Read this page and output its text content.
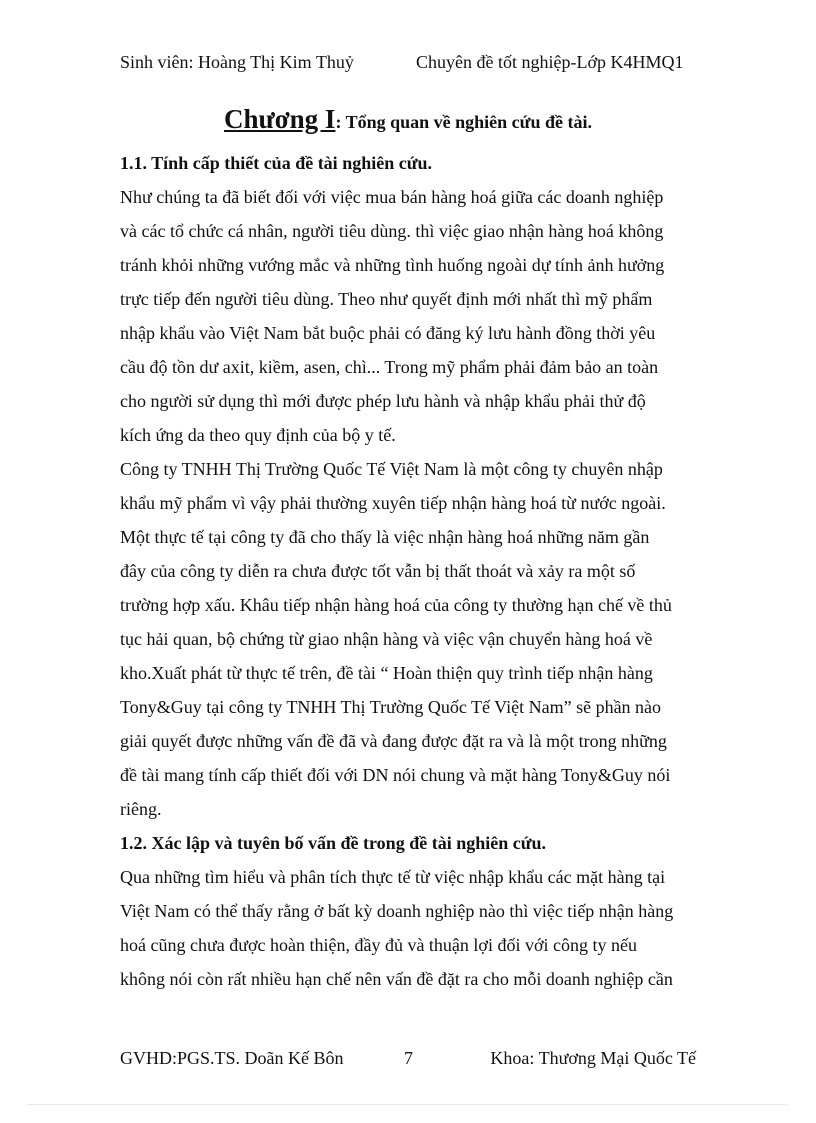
Sinh viên: Hoàng Thị Kim Thuỷ	Chuyên đề tốt nghiệp-Lớp K4HMQ1
Chương I: Tổng quan về nghiên cứu đề tài.
1.1. Tính cấp thiết của đề tài nghiên cứu.
Như chúng ta đã biết đối với việc mua bán hàng hoá giữa các doanh nghiệp
và các tổ chức cá nhân, người tiêu dùng. thì việc giao nhận hàng hoá không
tránh khỏi những vướng mắc và những tình huống ngoài dự tính ảnh hưởng
trực tiếp đến người tiêu dùng. Theo như quyết định mới nhất thì mỹ phẩm
nhập khẩu vào Việt Nam bắt buộc phải có đăng ký lưu hành đồng thời yêu
cầu độ tồn dư axit, kiềm, asen, chì... Trong mỹ phẩm phải đảm bảo an toàn
cho người sử dụng thì mới được phép lưu hành và nhập khẩu phải thử độ
kích ứng da theo quy định của bộ y tế.
Công ty TNHH Thị Trường Quốc Tế Việt Nam là một công ty chuyên nhập
khẩu mỹ phẩm vì vậy phải thường xuyên tiếp nhận hàng hoá từ nước ngoài.
Một thực tế tại công ty đã cho thấy là việc nhận hàng hoá những năm gần
đây của công ty diễn ra chưa được tốt vẫn bị thất thoát và xảy ra một số
trường hợp xấu. Khâu tiếp nhận hàng hoá của công ty thường hạn chế về thủ
tục hải quan, bộ chứng từ giao nhận hàng và việc vận chuyển hàng hoá về
kho.Xuất phát từ thực tế trên, đề tài “ Hoàn thiện quy trình tiếp nhận hàng
Tony&Guy tại công ty TNHH Thị Trường Quốc Tế Việt Nam” sẽ phần nào
giải quyết được những vấn đề đã và đang được đặt ra và là một trong những
đề tài mang tính cấp thiết đối với DN nói chung và mặt hàng Tony&Guy nói
riêng.
1.2. Xác lập và tuyên bố vấn đề trong đề tài nghiên cứu.
Qua những tìm hiểu và phân tích thực tế từ việc nhập khẩu các mặt hàng tại
Việt Nam có thể thấy rằng ở bất kỳ doanh nghiệp nào thì việc tiếp nhận hàng
hoá cũng chưa được hoàn thiện, đầy đủ và thuận lợi đối với công ty nếu
không nói còn rất nhiều hạn chế nên vấn đề đặt ra cho mỗi doanh nghiệp cần
GVHD:PGS.TS. Doãn Kế Bôn	7	Khoa: Thương Mại Quốc Tế
